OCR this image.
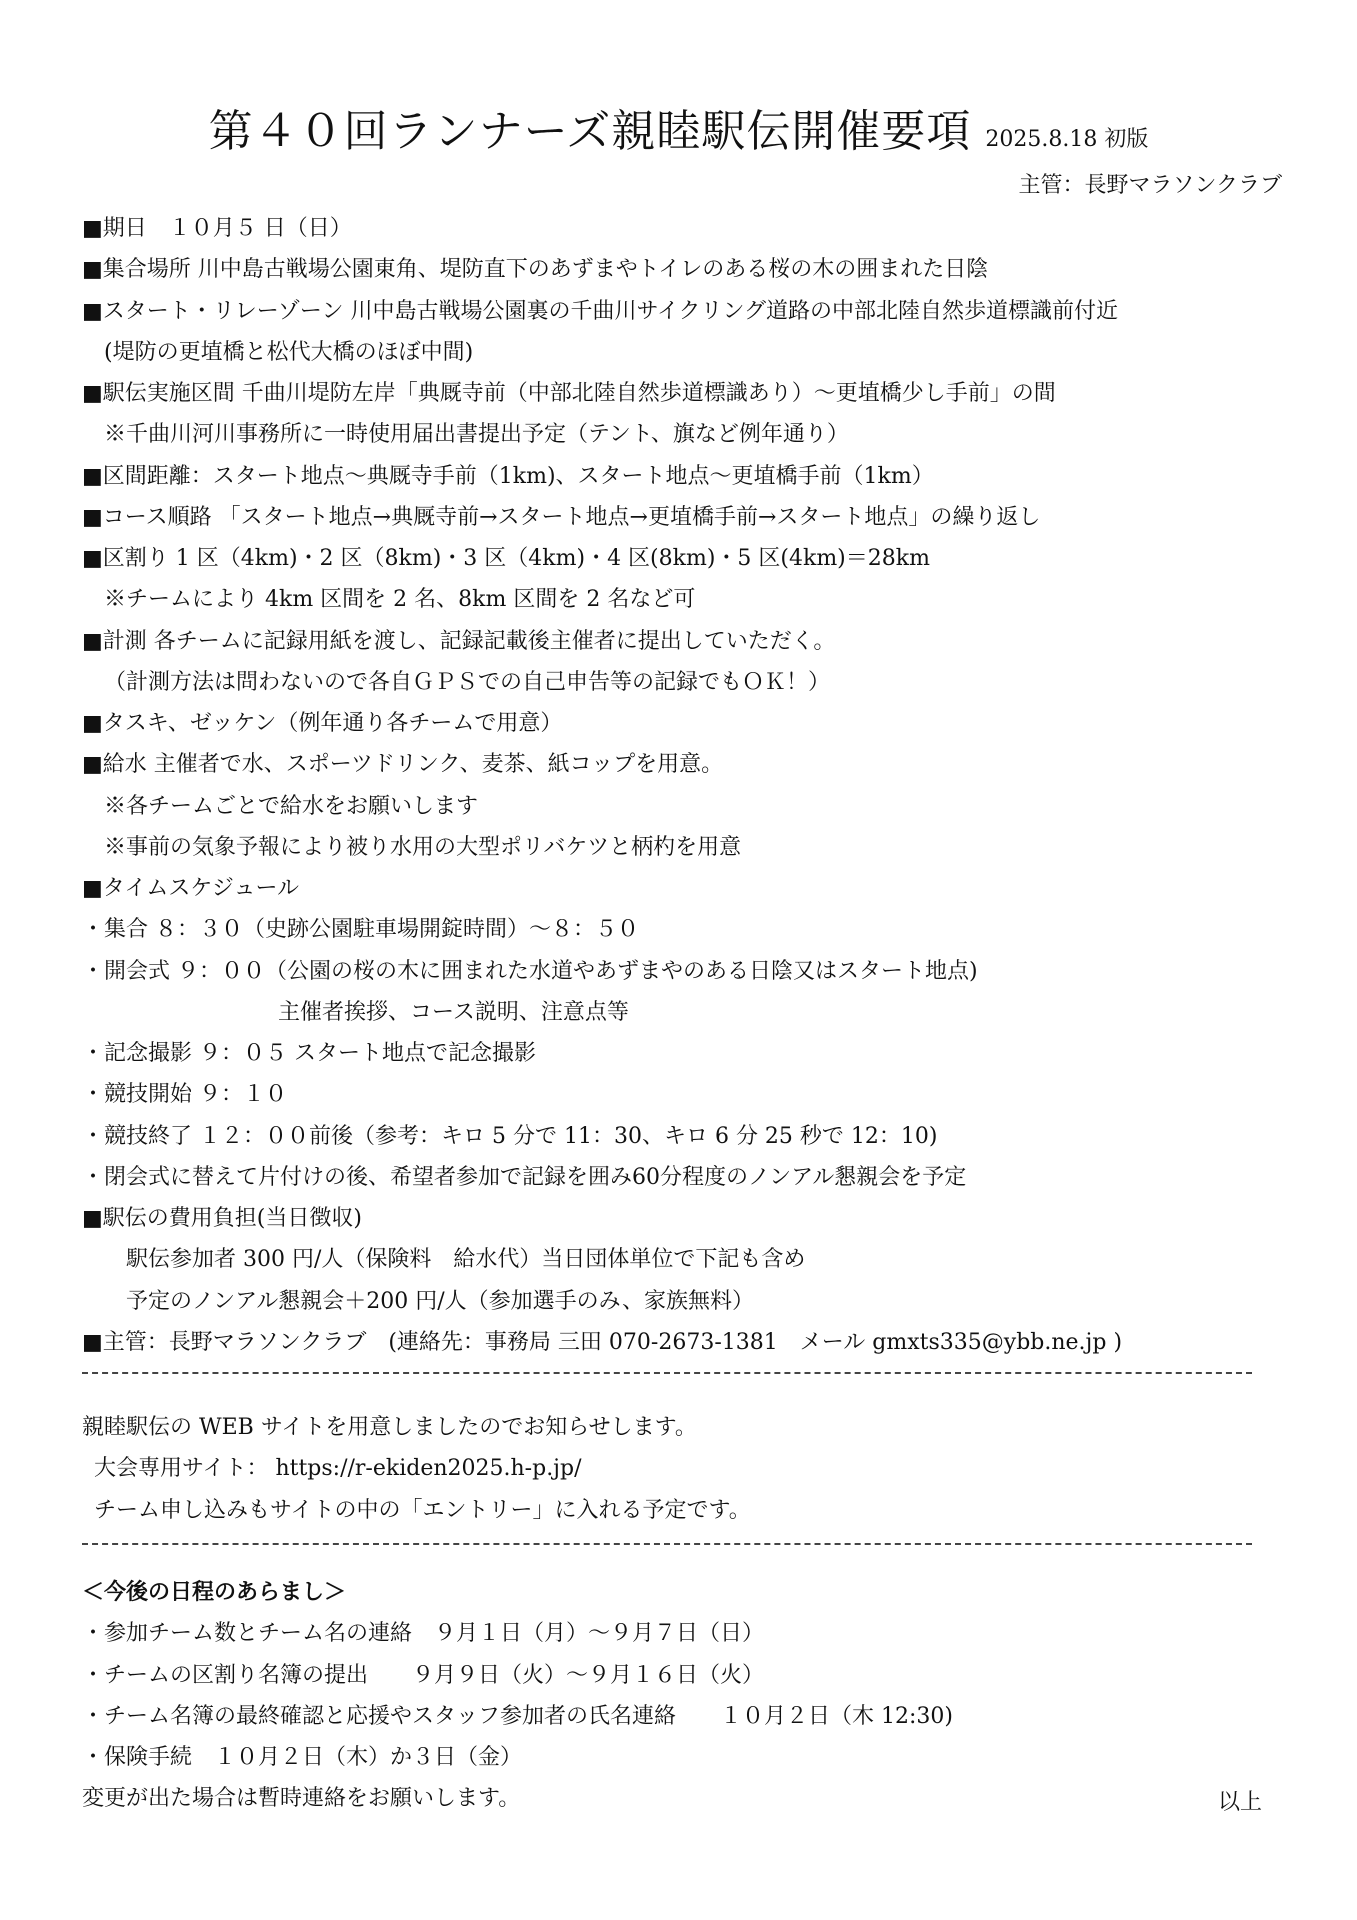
第４０回ランナーズ親睦駅伝開催要項 2025.8.18 初版
主管：長野マラソンクラブ
■期日　１０月５ 日（日）
■集合場所 川中島古戦場公園東角、堤防直下のあずまやトイレのある桜の木の囲まれた日陰
■スタート・リレーゾーン 川中島古戦場公園裏の千曲川サイクリング道路の中部北陸自然歩道標識前付近
(堤防の更埴橋と松代大橋のほぼ中間)
■駅伝実施区間 千曲川堤防左岸「典厩寺前（中部北陸自然歩道標識あり）～更埴橋少し手前」の間
※千曲川河川事務所に一時使用届出書提出予定（テント、旗など例年通り）
■区間距離：スタート地点～典厩寺手前（1km)、スタート地点～更埴橋手前（1km）
■コース順路 「スタート地点→典厩寺前→スタート地点→更埴橋手前→スタート地点」の繰り返し
■区割り 1 区（4km)・2 区（8km)・3 区（4km)・4 区(8km)・5 区(4km)＝28km
※チームにより 4km 区間を 2 名、8km 区間を 2 名など可
■計測 各チームに記録用紙を渡し、記録記載後主催者に提出していただく。
（計測方法は問わないので各自ＧＰＳでの自己申告等の記録でもＯＫ！）
■タスキ、ゼッケン（例年通り各チームで用意）
■給水 主催者で水、スポーツドリンク、麦茶、紙コップを用意。
※各チームごとで給水をお願いします
※事前の気象予報により被り水用の大型ポリバケツと柄杓を用意
■タイムスケジュール
・集合 ８：３０（史跡公園駐車場開錠時間）～８：５０
・開会式 ９：００（公園の桜の木に囲まれた水道やあずまやのある日陰又はスタート地点)
主催者挨拶、コース説明、注意点等
・記念撮影 ９：０５ スタート地点で記念撮影
・競技開始 ９：１０
・競技終了 １２：００前後（参考：キロ 5 分で 11：30、キロ 6 分 25 秒で 12：10)
・閉会式に替えて片付けの後、希望者参加で記録を囲み60分程度のノンアル懇親会を予定
■駅伝の費用負担(当日徴収)
駅伝参加者 300 円/人（保険料　給水代）当日団体単位で下記も含め
予定のノンアル懇親会＋200 円/人（参加選手のみ、家族無料）
■主管：長野マラソンクラブ　(連絡先：事務局 三田 070-2673-1381　メール gmxts335@ybb.ne.jp )
親睦駅伝の WEB サイトを用意しましたのでお知らせします。
大会専用サイト： https://r-ekiden2025.h-p.jp/
チーム申し込みもサイトの中の「エントリー」に入れる予定です。
＜今後の日程のあらまし＞
・参加チーム数とチーム名の連絡　９月１日（月）～９月７日（日）
・チームの区割り名簿の提出　　９月９日（火）～９月１６日（火）
・チーム名簿の最終確認と応援やスタッフ参加者の氏名連絡　　１０月２日（木 12:30)
・保険手続　１０月２日（木）か３日（金）
変更が出た場合は暫時連絡をお願いします。	以上
